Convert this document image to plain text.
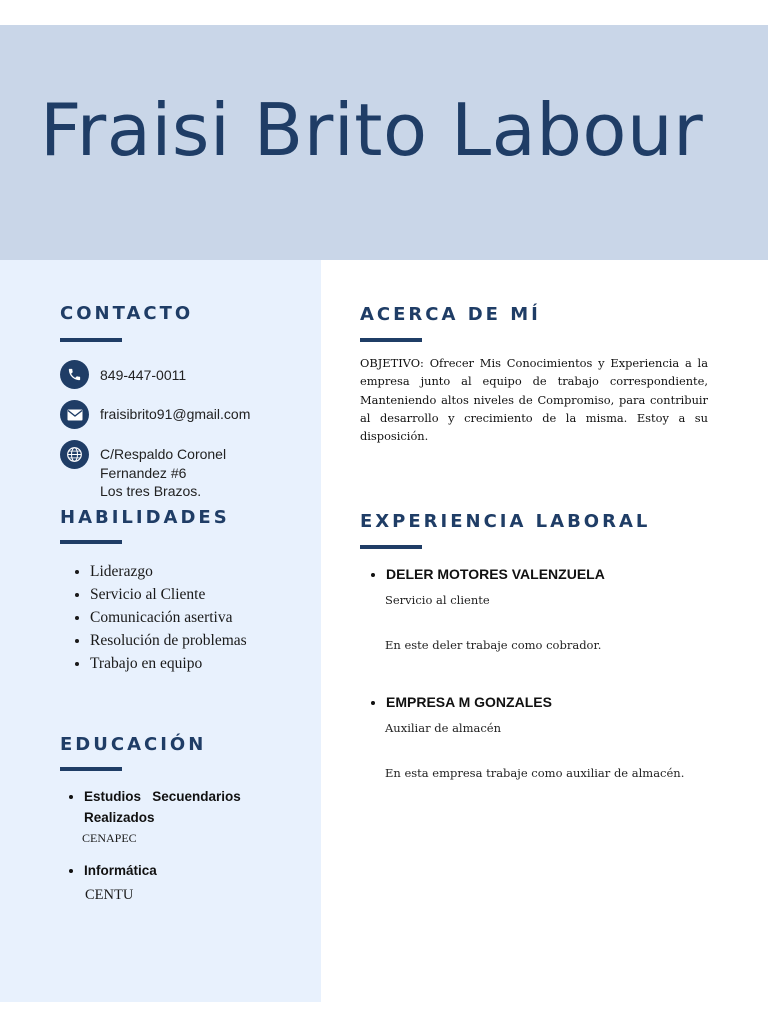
Fraisi Brito Labour
CONTACTO
849-447-0011
fraisibrito91@gmail.com
C/Respaldo Coronel
Fernandez #6
Los tres Brazos.
HABILIDADES
• Liderazgo
• Servicio al Cliente
• Comunicación asertiva
• Resolución de problemas
• Trabajo en equipo
EDUCACIÓN
• Estudios   Secuendarios
Realizados
CENAPEC
• Informática
CENTU
ACERCA DE MÍ
OBJETIVO: Ofrecer Mis Conocimientos y Experiencia a la empresa junto al equipo de trabajo correspondiente, Manteniendo altos niveles de Compromiso, para contribuir al desarrollo y crecimiento de la misma. Estoy a su disposición.
EXPERIENCIA LABORAL
• DELER MOTORES VALENZUELA
Servicio al cliente
En este deler trabaje como cobrador.
• EMPRESA M GONZALES
Auxiliar de almacén
En esta empresa trabaje como auxiliar de almacén.
